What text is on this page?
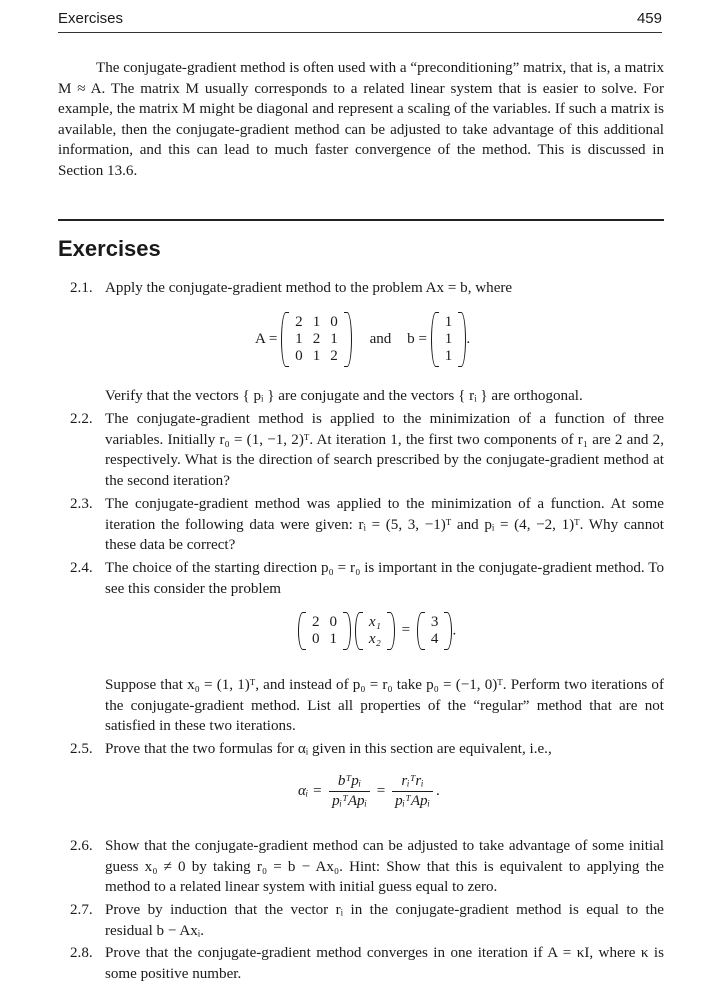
Exercises	459
The conjugate-gradient method is often used with a “preconditioning” matrix, that is, a matrix M ≈ A. The matrix M usually corresponds to a related linear system that is easier to solve. For example, the matrix M might be diagonal and represent a scaling of the variables. If such a matrix is available, then the conjugate-gradient method can be adjusted to take advantage of this additional information, and this can lead to much faster convergence of the method. This is discussed in Section 13.6.
Exercises
2.1. Apply the conjugate-gradient method to the problem Ax = b, where

A =
2	1	0
1	2	1
0	1	2
and b =
1
1
1
.

Verify that the vectors { pᵢ } are conjugate and the vectors { rᵢ } are orthogonal.

2.2. The conjugate-gradient method is applied to the minimization of a function of three variables. Initially r₀ = (1, −1, 2)ᵀ. At iteration 1, the first two components of r₁ are 2 and 2, respectively. What is the direction of search prescribed by the conjugate-gradient method at the second iteration?

2.3. The conjugate-gradient method was applied to the minimization of a function. At some iteration the following data were given: rᵢ = (5, 3, −1)ᵀ and pᵢ = (4, −2, 1)ᵀ. Why cannot these data be correct?

2.4. The choice of the starting direction p₀ = r₀ is important in the conjugate-gradient method. To see this consider the problem

2	0
0	1

x₁
x₂
=
3
4
.

Suppose that x₀ = (1, 1)ᵀ, and instead of p₀ = r₀ take p₀ = (−1, 0)ᵀ. Perform two iterations of the conjugate-gradient method. List all properties of the “regular” method that are not satisfied in these two iterations.

2.5. Prove that the two formulas for αᵢ given in this section are equivalent, i.e.,

αᵢ = $\frac{\text{bᵀpᵢ}}{\text{pᵢᵀApᵢ}} = \frac{\text{rᵢᵀrᵢ}}{\text{pᵢᵀApᵢ}}$ .
2.6. Show that the conjugate-gradient method can be adjusted to take advantage of some initial guess x₀ ≠ 0 by taking r₀ = b − Ax₀. Hint: Show that this is equivalent to applying the method to a related linear system with initial guess equal to zero.

2.7. Prove by induction that the vector rᵢ in the conjugate-gradient method is equal to the residual b − Axᵢ.

2.8. Prove that the conjugate-gradient method converges in one iteration if A = κI, where κ is some positive number.
